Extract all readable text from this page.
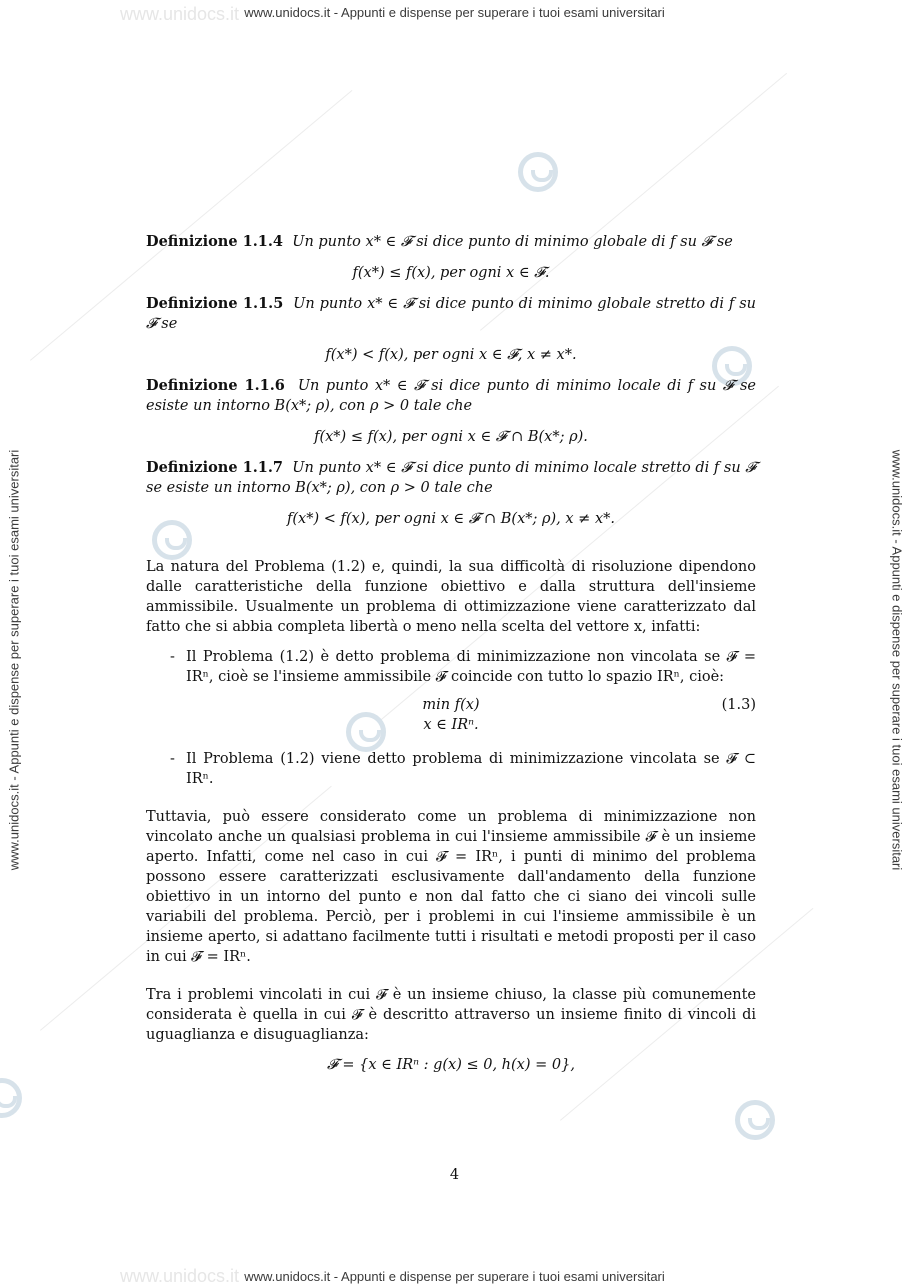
www.unidocs.it
www.unidocs.it
www.unidocs.it - Appunti e dispense per superare i tuoi esami universitari
www.unidocs.it - Appunti e dispense per superare i tuoi esami universitari
www.unidocs.it - Appunti e dispense per superare i tuoi esami universitari	www.unidocs.it - Appunti e dispense per superare i tuoi esami universitari

Definizione 1.1.4 Un punto x* ∈ 𝓕 si dice punto di minimo globale di f su 𝓕 se

f(x*) ≤ f(x), per ogni x ∈ 𝓕.

Definizione 1.1.5 Un punto x* ∈ 𝓕 si dice punto di minimo globale stretto di f su 𝓕 se

f(x*) < f(x), per ogni x ∈ 𝓕, x ≠ x*.

Definizione 1.1.6 Un punto x* ∈ 𝓕 si dice punto di minimo locale di f su 𝓕 se esiste un intorno B(x*; ρ), con ρ > 0 tale che

f(x*) ≤ f(x), per ogni x ∈ 𝓕 ∩ B(x*; ρ).

Definizione 1.1.7 Un punto x* ∈ 𝓕 si dice punto di minimo locale stretto di f su 𝓕 se esiste un intorno B(x*; ρ), con ρ > 0 tale che

f(x*) < f(x), per ogni x ∈ 𝓕 ∩ B(x*; ρ), x ≠ x*.

La natura del Problema (1.2) e, quindi, la sua difficoltà di risoluzione dipendono dalle caratteristiche della funzione obiettivo e dalla struttura dell'insieme ammissibile. Usualmente un problema di ottimizzazione viene caratterizzato dal fatto che si abbia completa libertà o meno nella scelta del vettore x, infatti:

- Il Problema (1.2) è detto problema di minimizzazione non vincolata se 𝓕 = IRⁿ, cioè se l'insieme ammissibile 𝓕 coincide con tutto lo spazio IRⁿ, cioè:
min f(x)
x ∈ IRⁿ.
(1.3)
- Il Problema (1.2) viene detto problema di minimizzazione vincolata se 𝓕 ⊂ IRⁿ.

Tuttavia, può essere considerato come un problema di minimizzazione non vincolato anche un qualsiasi problema in cui l'insieme ammissibile 𝓕 è un insieme aperto. Infatti, come nel caso in cui 𝓕 = IRⁿ, i punti di minimo del problema possono essere caratterizzati esclusivamente dall'andamento della funzione obiettivo in un intorno del punto e non dal fatto che ci siano dei vincoli sulle variabili del problema. Perciò, per i problemi in cui l'insieme ammissibile è un insieme aperto, si adattano facilmente tutti i risultati e metodi proposti per il caso in cui 𝓕 = IRⁿ.

Tra i problemi vincolati in cui 𝓕 è un insieme chiuso, la classe più comunemente considerata è quella in cui 𝓕 è descritto attraverso un insieme finito di vincoli di uguaglianza e disuguaglianza:

𝓕 = {x ∈ IRⁿ : g(x) ≤ 0, h(x) = 0},

4
